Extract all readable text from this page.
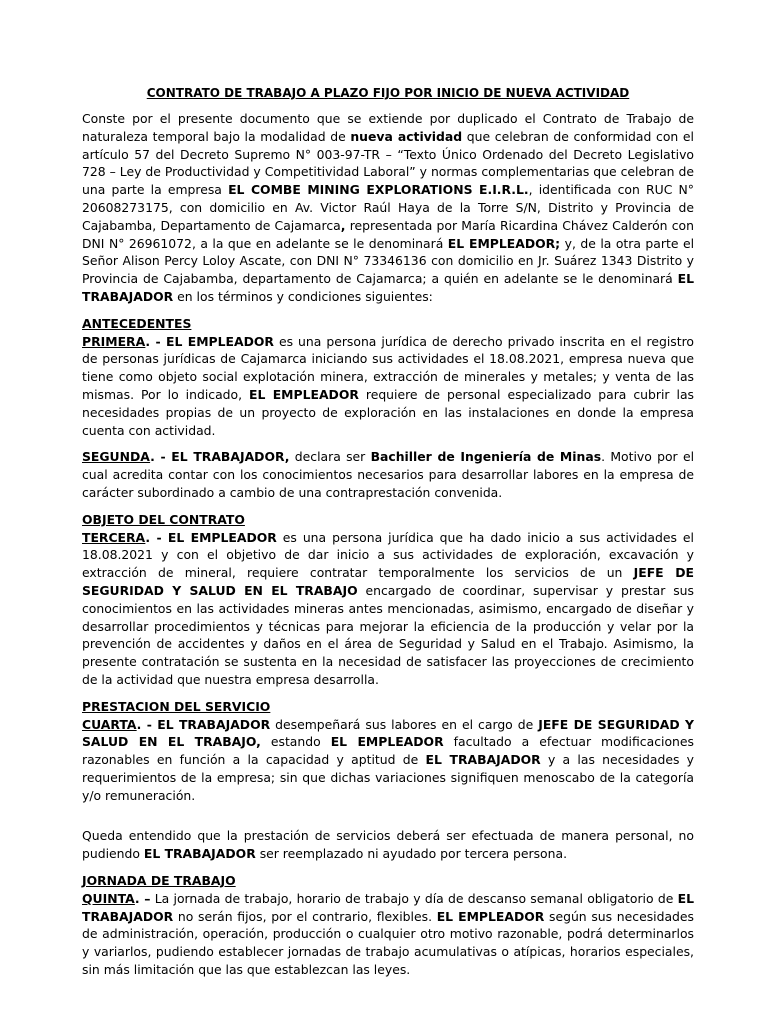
CONTRATO DE TRABAJO A PLAZO FIJO POR INICIO DE NUEVA ACTIVIDAD

Conste por el presente documento que se extiende por duplicado el Contrato de Trabajo de naturaleza temporal bajo la modalidad de nueva actividad que celebran de conformidad con el artículo 57 del Decreto Supremo N° 003-97-TR – “Texto Único Ordenado del Decreto Legislativo 728 – Ley de Productividad y Competitividad Laboral” y normas complementarias que celebran de una parte la empresa EL COMBE MINING EXPLORATIONS E.I.R.L., identificada con RUC N° 20608273175, con domicilio en Av. Victor Raúl Haya de la Torre S/N, Distrito y Provincia de Cajabamba, Departamento de Cajamarca, representada por María Ricardina Chávez Calderón con DNI N° 26961072, a la que en adelante se le denominará EL EMPLEADOR; y, de la otra parte el Señor Alison Percy Loloy Ascate, con DNI N° 73346136 con domicilio en Jr. Suárez 1343 Distrito y Provincia de Cajabamba, departamento de Cajamarca; a quién en adelante se le denominará EL TRABAJADOR en los términos y condiciones siguientes:

ANTECEDENTES
PRIMERA. - EL EMPLEADOR es una persona jurídica de derecho privado inscrita en el registro de personas jurídicas de Cajamarca iniciando sus actividades el 18.08.2021, empresa nueva que tiene como objeto social explotación minera, extracción de minerales y metales; y venta de las mismas. Por lo indicado, EL EMPLEADOR requiere de personal especializado para cubrir las necesidades propias de un proyecto de exploración en las instalaciones en donde la empresa cuenta con actividad.

SEGUNDA. - EL TRABAJADOR, declara ser Bachiller de Ingeniería de Minas. Motivo por el cual acredita contar con los conocimientos necesarios para desarrollar labores en la empresa de carácter subordinado a cambio de una contraprestación convenida.

OBJETO DEL CONTRATO
TERCERA. - EL EMPLEADOR es una persona jurídica que ha dado inicio a sus actividades el 18.08.2021 y con el objetivo de dar inicio a sus actividades de exploración, excavación y extracción de mineral, requiere contratar temporalmente los servicios de un JEFE DE SEGURIDAD Y SALUD EN EL TRABAJO encargado de coordinar, supervisar y prestar sus conocimientos en las actividades mineras antes mencionadas, asimismo, encargado de diseñar y desarrollar procedimientos y técnicas para mejorar la eficiencia de la producción y velar por la prevención de accidentes y daños en el área de Seguridad y Salud en el Trabajo. Asimismo, la presente contratación se sustenta en la necesidad de satisfacer las proyecciones de crecimiento de la actividad que nuestra empresa desarrolla.

PRESTACION DEL SERVICIO
CUARTA. - EL TRABAJADOR desempeñará sus labores en el cargo de JEFE DE SEGURIDAD Y SALUD EN EL TRABAJO, estando EL EMPLEADOR facultado a efectuar modificaciones razonables en función a la capacidad y aptitud de EL TRABAJADOR y a las necesidades y requerimientos de la empresa; sin que dichas variaciones signifiquen menoscabo de la categoría y/o remuneración.

Queda entendido que la prestación de servicios deberá ser efectuada de manera personal, no pudiendo EL TRABAJADOR ser reemplazado ni ayudado por tercera persona.

JORNADA DE TRABAJO
QUINTA. – La jornada de trabajo, horario de trabajo y día de descanso semanal obligatorio de EL TRABAJADOR no serán fijos, por el contrario, flexibles. EL EMPLEADOR según sus necesidades de administración, operación, producción o cualquier otro motivo razonable, podrá determinarlos y variarlos, pudiendo establecer jornadas de trabajo acumulativas o atípicas, horarios especiales, sin más limitación que las que establezcan las leyes.
